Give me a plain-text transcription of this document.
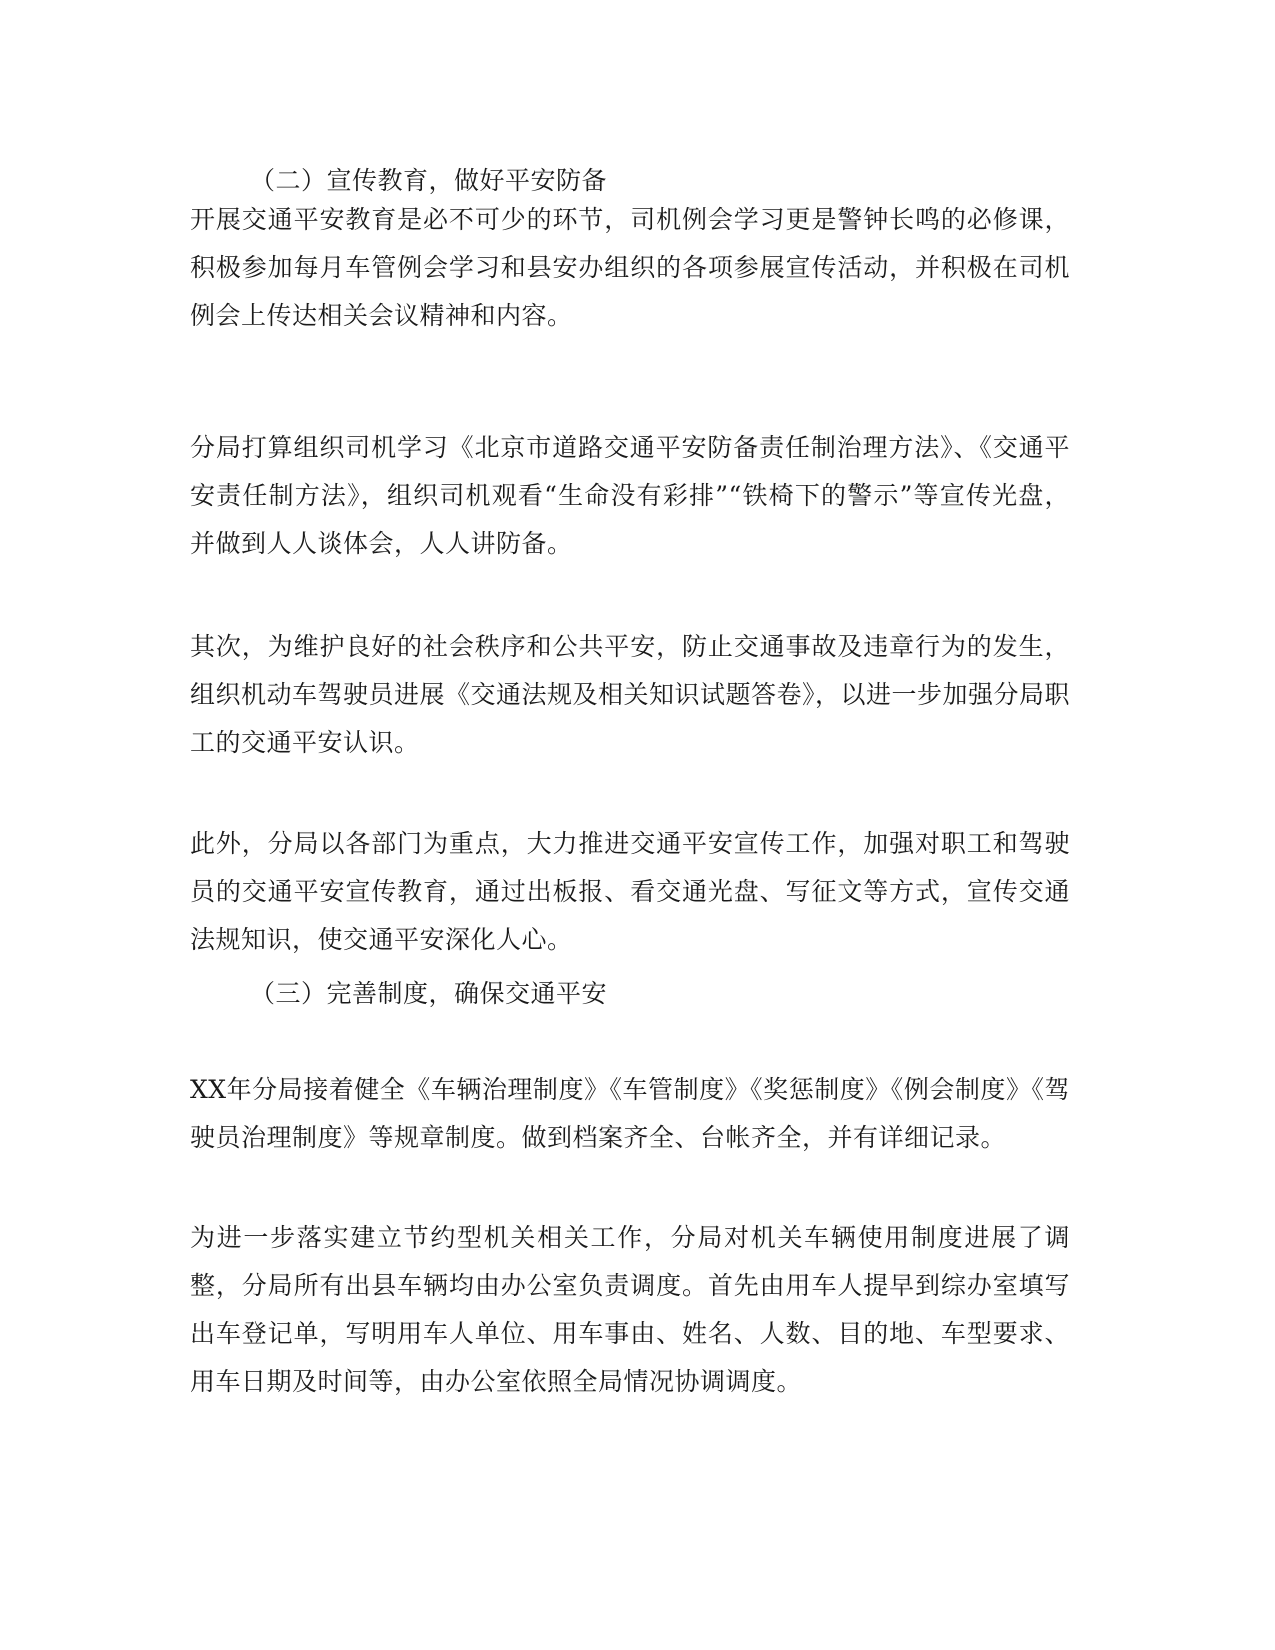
（二）宣传教育，做好平安防备

开展交通平安教育是必不可少的环节，司机例会学习更是警钟长鸣的必修课，积极参加每月车管例会学习和县安办组织的各项参展宣传活动，并积极在司机例会上传达相关会议精神和内容。

分局打算组织司机学习《北京市道路交通平安防备责任制治理方法》、《交通平安责任制方法》，组织司机观看“生命没有彩排”“铁椅下的警示”等宣传光盘，并做到人人谈体会，人人讲防备。

其次，为维护良好的社会秩序和公共平安，防止交通事故及违章行为的发生，组织机动车驾驶员进展《交通法规及相关知识试题答卷》，以进一步加强分局职工的交通平安认识。

此外，分局以各部门为重点，大力推进交通平安宣传工作，加强对职工和驾驶员的交通平安宣传教育，通过出板报、看交通光盘、写征文等方式，宣传交通法规知识，使交通平安深化人心。

（三）完善制度，确保交通平安

XX年分局接着健全《车辆治理制度》《车管制度》《奖惩制度》《例会制度》《驾驶员治理制度》等规章制度。做到档案齐全、台帐齐全，并有详细记录。

为进一步落实建立节约型机关相关工作，分局对机关车辆使用制度进展了调整，分局所有出县车辆均由办公室负责调度。首先由用车人提早到综办室填写出车登记单，写明用车人单位、用车事由、姓名、人数、目的地、车型要求、用车日期及时间等，由办公室依照全局情况协调调度。
